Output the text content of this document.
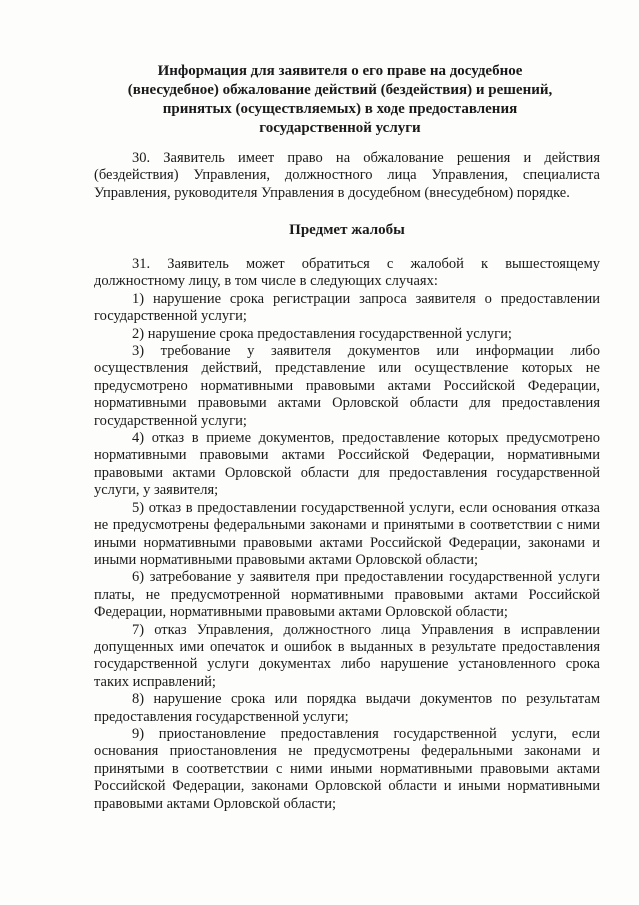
Информация для заявителя о его праве на досудебное
(внесудебное) обжалование действий (бездействия) и решений,
принятых (осуществляемых) в ходе предоставления
государственной услуги

30. Заявитель имеет право на обжалование решения и действия (бездействия) Управления, должностного лица Управления, специалиста Управления, руководителя Управления в досудебном (внесудебном) порядке.

Предмет жалобы

31. Заявитель может обратиться с жалобой к вышестоящему должностному лицу, в том числе в следующих случаях:

1) нарушение срока регистрации запроса заявителя о предоставлении государственной услуги;
2) нарушение срока предоставления государственной услуги;
3) требование у заявителя документов или информации либо осуществления действий, представление или осуществление которых не предусмотрено нормативными правовыми актами Российской Федерации, нормативными правовыми актами Орловской области для предоставления государственной услуги;
4) отказ в приеме документов, предоставление которых предусмотрено нормативными правовыми актами Российской Федерации, нормативными правовыми актами Орловской области для предоставления государственной услуги, у заявителя;
5) отказ в предоставлении государственной услуги, если основания отказа не предусмотрены федеральными законами и принятыми в соответствии с ними иными нормативными правовыми актами Российской Федерации, законами и иными нормативными правовыми актами Орловской области;
6) затребование у заявителя при предоставлении государственной услуги платы, не предусмотренной нормативными правовыми актами Российской Федерации, нормативными правовыми актами Орловской области;
7) отказ Управления, должностного лица Управления в исправлении допущенных ими опечаток и ошибок в выданных в результате предоставления государственной услуги документах либо нарушение установленного срока таких исправлений;
8) нарушение срока или порядка выдачи документов по результатам предоставления государственной услуги;
9) приостановление предоставления государственной услуги, если основания приостановления не предусмотрены федеральными законами и принятыми в соответствии с ними иными нормативными правовыми актами Российской Федерации, законами Орловской области и иными нормативными правовыми актами Орловской области;
